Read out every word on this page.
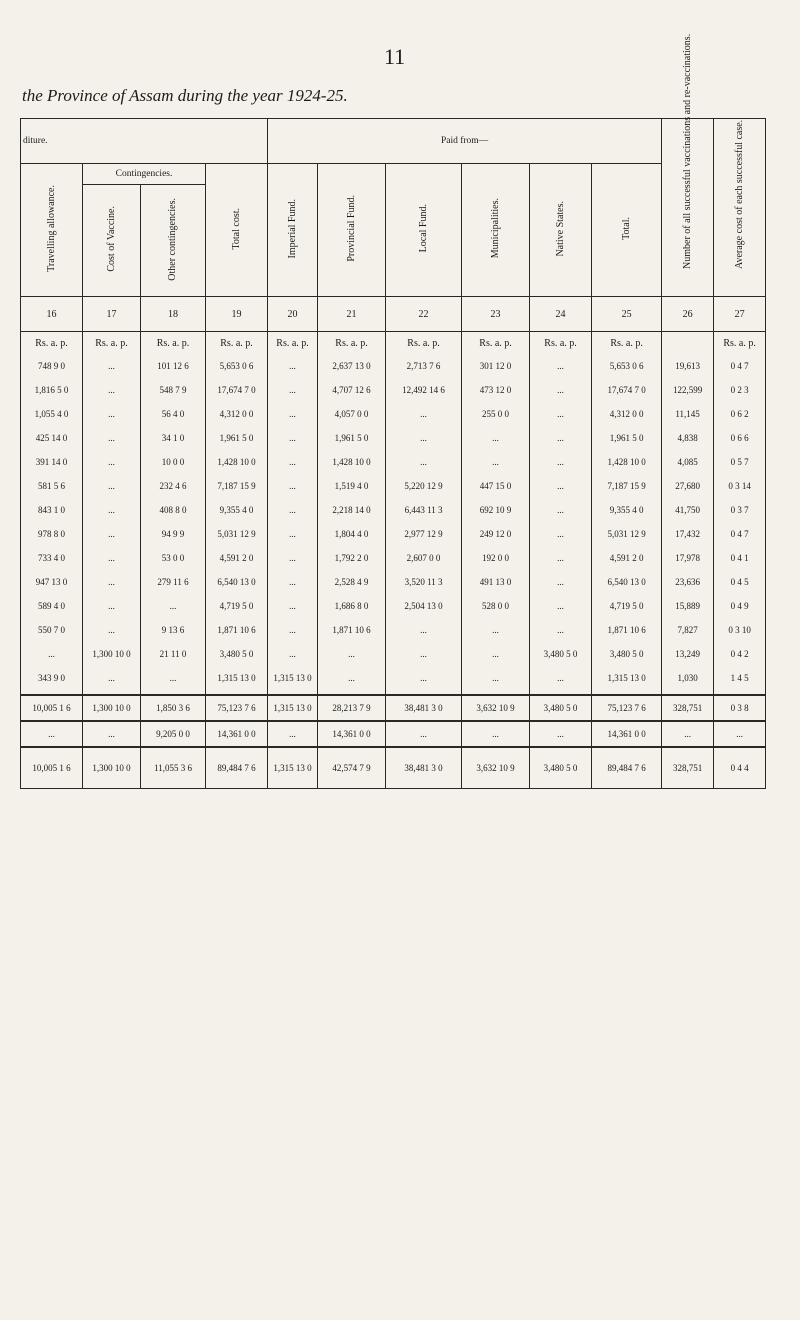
11
the Province of Assam during the year 1924-25.
diture.				Paid from—						Number of all successful vaccinations and re-vaccinations.	Average cost of each successful case.
Travelling allowance.	Contingencies.		Total cost.	Imperial Fund.	Provincial Fund.	Local Fund.	Municipalities.	Native States.	Total.		
	Cost of Vaccine.	Other contingencies.									
16	17	18	19	20	21	22	23	24	25	26	27
Rs. a. p.	Rs. a. p.	Rs. a. p.	Rs. a. p.	Rs. a. p.	Rs. a. p.	Rs. a. p.	Rs. a. p.	Rs. a. p.	Rs. a. p.		Rs. a. p.
748 9 0	...	101 12 6	5,653 0 6	...	2,637 13 0	2,713 7 6	301 12 0	...	5,653 0 6	19,613	0 4 7
1,816 5 0	...	548 7 9	17,674 7 0	...	4,707 12 6	12,492 14 6	473 12 0	...	17,674 7 0	122,599	0 2 3
1,055 4 0	...	56 4 0	4,312 0 0	...	4,057 0 0	...	255 0 0	...	4,312 0 0	11,145	0 6 2
425 14 0	...	34 1 0	1,961 5 0	...	1,961 5 0	...	...	...	1,961 5 0	4,838	0 6 6
391 14 0	...	10 0 0	1,428 10 0	...	1,428 10 0	...	...	...	1,428 10 0	4,085	0 5 7
581 5 6	...	232 4 6	7,187 15 9	...	1,519 4 0	5,220 12 9	447 15 0	...	7,187 15 9	27,680	0 3 14
843 1 0	...	408 8 0	9,355 4 0	...	2,218 14 0	6,443 11 3	692 10 9	...	9,355 4 0	41,750	0 3 7
978 8 0	...	94 9 9	5,031 12 9	...	1,804 4 0	2,977 12 9	249 12 0	...	5,031 12 9	17,432	0 4 7
733 4 0	...	53 0 0	4,591 2 0	...	1,792 2 0	2,607 0 0	192 0 0	...	4,591 2 0	17,978	0 4 1
947 13 0	...	279 11 6	6,540 13 0	...	2,528 4 9	3,520 11 3	491 13 0	...	6,540 13 0	23,636	0 4 5
589 4 0	...	...	4,719 5 0	...	1,686 8 0	2,504 13 0	528 0 0	...	4,719 5 0	15,889	0 4 9
550 7 0	...	9 13 6	1,871 10 6	...	1,871 10 6	...	...	...	1,871 10 6	7,827	0 3 10
...	1,300 10 0	21 11 0	3,480 5 0	...	...	...	...	3,480 5 0	3,480 5 0	13,249	0 4 2
343 9 0	...	...	1,315 13 0	1,315 13 0	...	...	...	...	1,315 13 0	1,030	1 4 5
10,005 1 6	1,300 10 0	1,850 3 6	75,123 7 6	1,315 13 0	28,213 7 9	38,481 3 0	3,632 10 9	3,480 5 0	75,123 7 6	328,751	0 3 8
...	...	9,205 0 0	14,361 0 0	...	14,361 0 0	...	...	...	14,361 0 0	...	...
10,005 1 6	1,300 10 0	11,055 3 6	89,484 7 6	1,315 13 0	42,574 7 9	38,481 3 0	3,632 10 9	3,480 5 0	89,484 7 6	328,751	0 4 4
